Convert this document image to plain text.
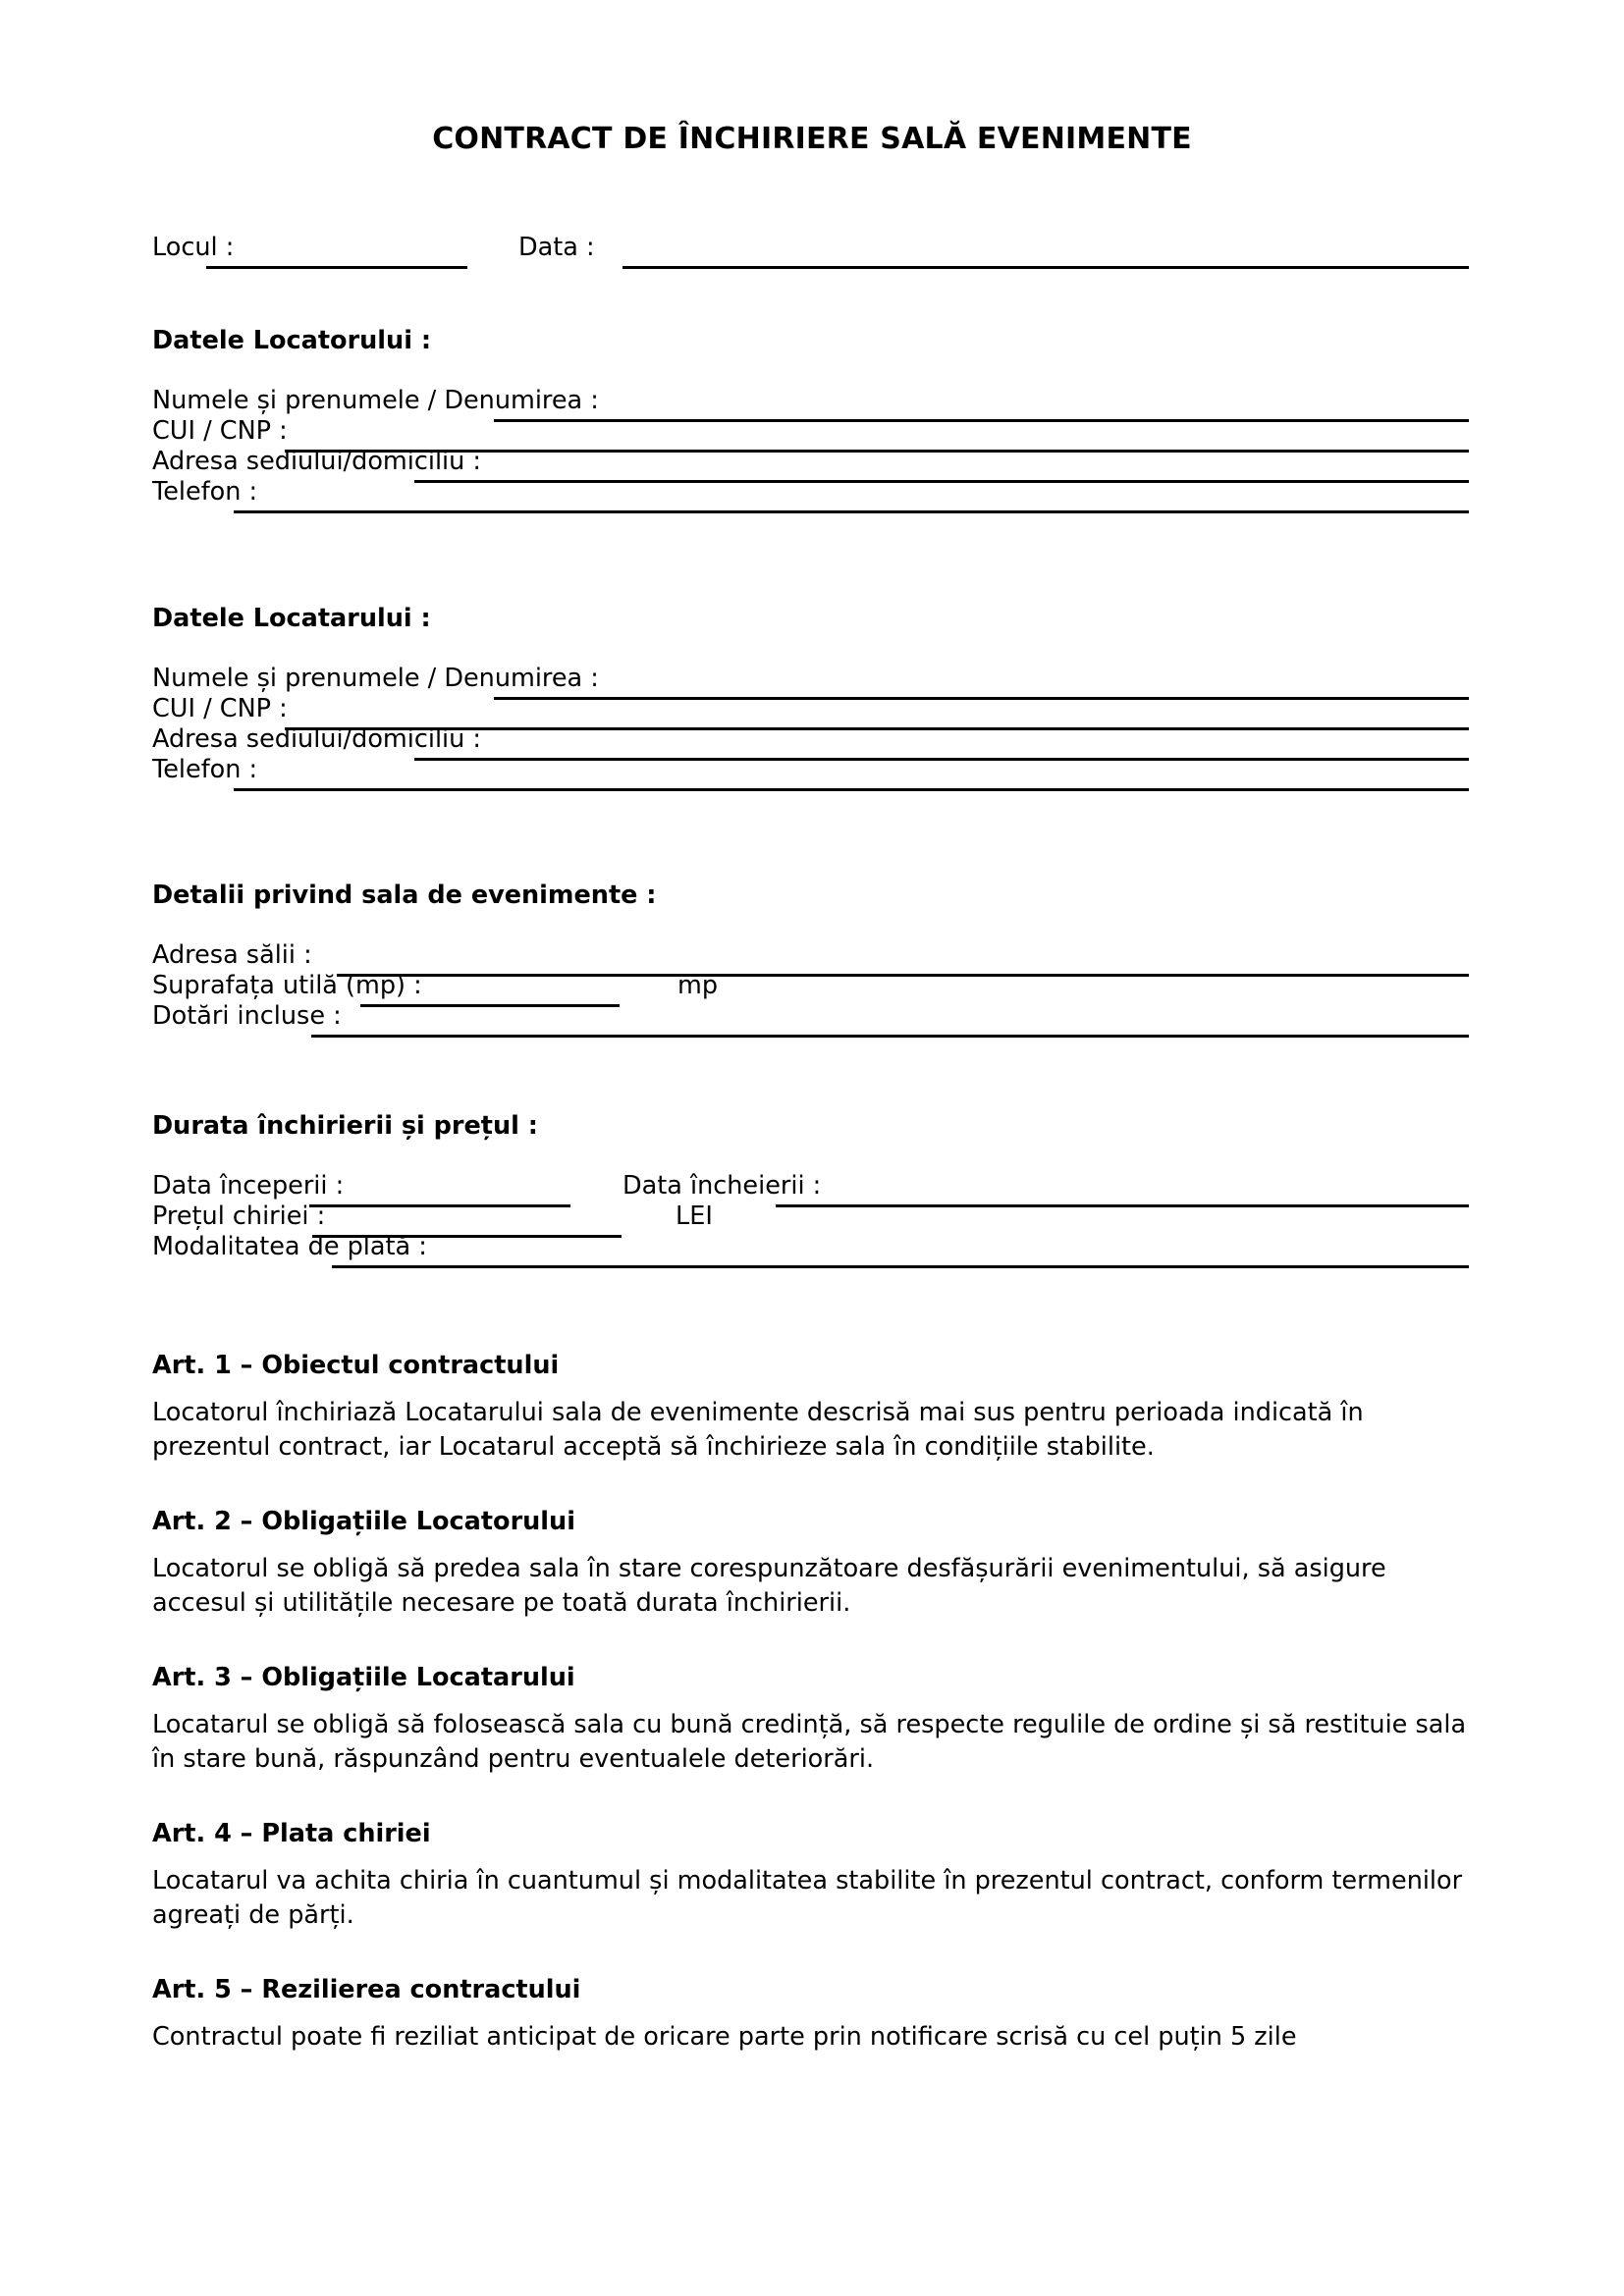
CONTRACT DE ÎNCHIRIERE SALĂ EVENIMENTE
Locul :	Data :
Datele Locatorului :
Numele și prenumele / Denumirea :
CUI / CNP :
Adresa sediului/domiciliu :
Telefon :
Datele Locatarului :
Numele și prenumele / Denumirea :
CUI / CNP :
Adresa sediului/domiciliu :
Telefon :
Detalii privind sala de evenimente :
Adresa sălii :
Suprafața utilă (mp) :	mp
Dotări incluse :
Durata închirierii și prețul :
Data începerii :	Data încheierii :
Prețul chiriei :	LEI
Modalitatea de plată :
Art. 1 – Obiectul contractului
Locatorul închiriază Locatarului sala de evenimente descrisă mai sus pentru perioada indicată în prezentul contract, iar Locatarul acceptă să închirieze sala în condițiile stabilite.
Art. 2 – Obligațiile Locatorului
Locatorul se obligă să predea sala în stare corespunzătoare desfășurării evenimentului, să asigure accesul și utilitățile necesare pe toată durata închirierii.
Art. 3 – Obligațiile Locatarului
Locatarul se obligă să folosească sala cu bună credință, să respecte regulile de ordine și să restituie sala în stare bună, răspunzând pentru eventualele deteriorări.
Art. 4 – Plata chiriei
Locatarul va achita chiria în cuantumul și modalitatea stabilite în prezentul contract, conform termenilor agreați de părți.
Art. 5 – Rezilierea contractului
Contractul poate fi reziliat anticipat de oricare parte prin notificare scrisă cu cel puțin 5 zile
